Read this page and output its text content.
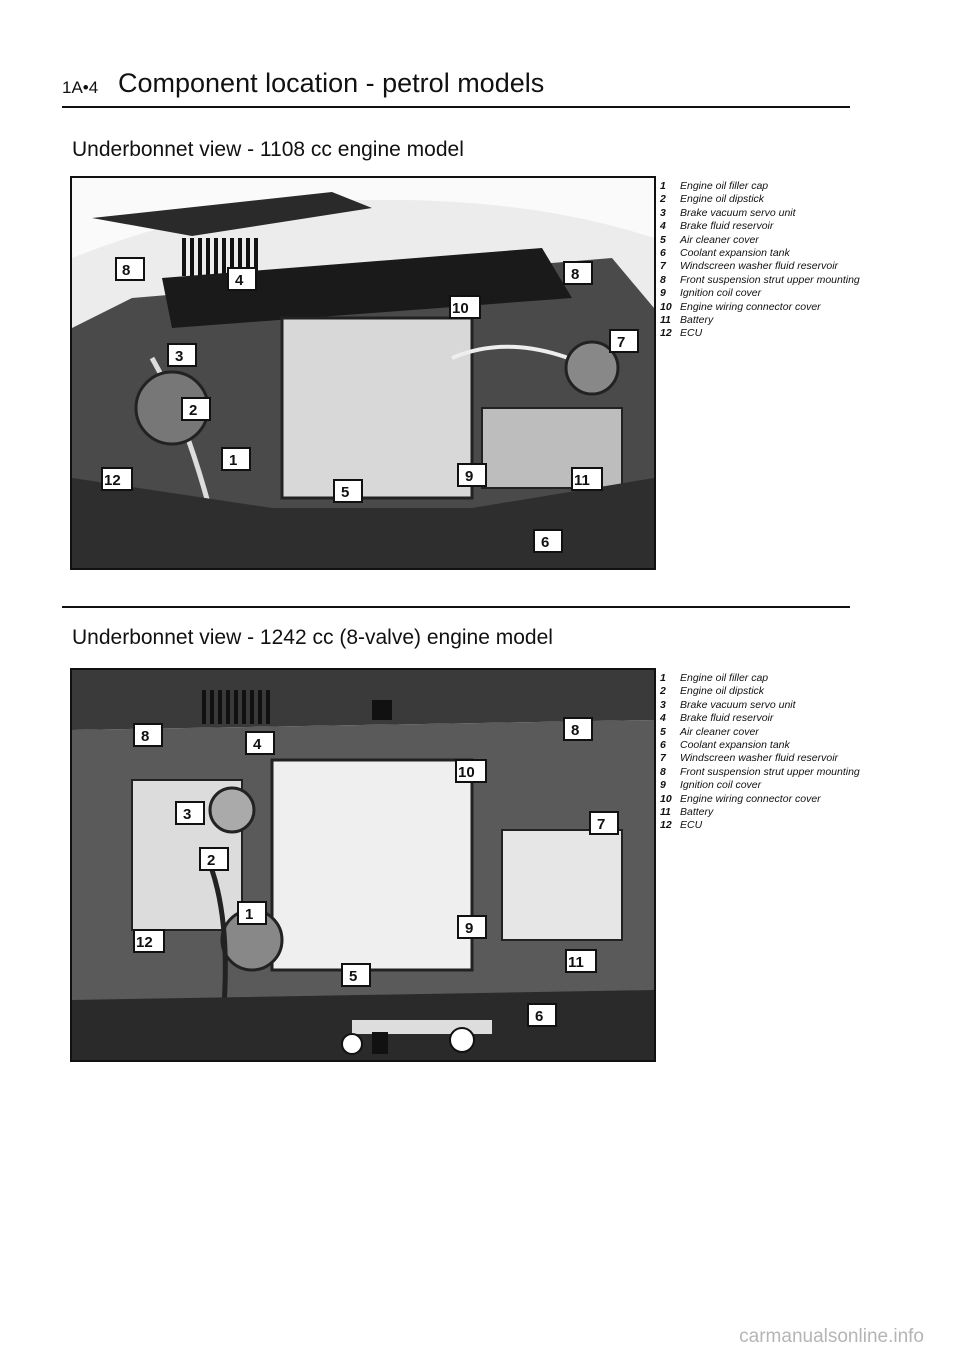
1A•4 Component location - petrol models
Underbonnet view - 1108 cc engine model
8
4
10
8
7
3
2
1
12
5
9	11
6
1	Engine oil filler cap
2	Engine oil dipstick
3	Brake vacuum servo unit
4	Brake fluid reservoir
5	Air cleaner cover
6	Coolant expansion tank
7	Windscreen washer fluid reservoir
8	Front suspension strut upper mounting
9	Ignition coil cover
10 Engine wiring connector cover
11 Battery
12 ECU
Underbonnet view - 1242 cc (8-valve) engine model
8	4
10
8
3
7
2
1
12
9
5
11
6
1	Engine oil filler cap
2	Engine oil dipstick
3	Brake vacuum servo unit
4	Brake fluid reservoir
5	Air cleaner cover
6	Coolant expansion tank
7	Windscreen washer fluid reservoir
8	Front suspension strut upper mounting
9	Ignition coil cover
10 Engine wiring connector cover
11 Battery
12 ECU
carmanualsonline.info
